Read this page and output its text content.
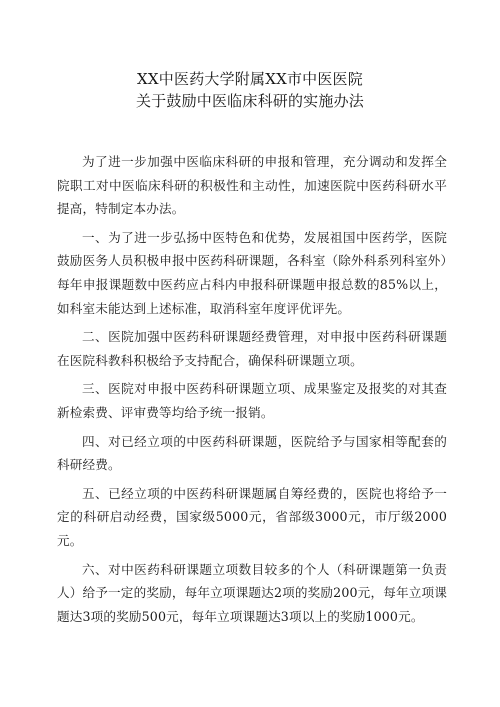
XX中医药大学附属XX市中医医院
关于鼓励中医临床科研的实施办法

为了进一步加强中医临床科研的申报和管理，充分调动和发挥全院职工对中医临床科研的积极性和主动性，加速医院中医药科研水平提高，特制定本办法。

一、为了进一步弘扬中医特色和优势，发展祖国中医药学，医院鼓励医务人员积极申报中医药科研课题，各科室（除外科系列科室外）每年申报课题数中医药应占科内申报科研课题申报总数的85%以上，如科室未能达到上述标准，取消科室年度评优评先。

二、医院加强中医药科研课题经费管理，对申报中医药科研课题在医院科教科积极给予支持配合，确保科研课题立项。

三、医院对申报中医药科研课题立项、成果鉴定及报奖的对其查新检索费、评审费等均给予统一报销。

四、对已经立项的中医药科研课题，医院给予与国家相等配套的科研经费。

五、已经立项的中医药科研课题属自筹经费的，医院也将给予一定的科研启动经费，国家级5000元，省部级3000元，市厅级2000元。

六、对中医药科研课题立项数目较多的个人（科研课题第一负责人）给予一定的奖励，每年立项课题达2项的奖励200元，每年立项课题达3项的奖励500元，每年立项课题达3项以上的奖励1000元。
